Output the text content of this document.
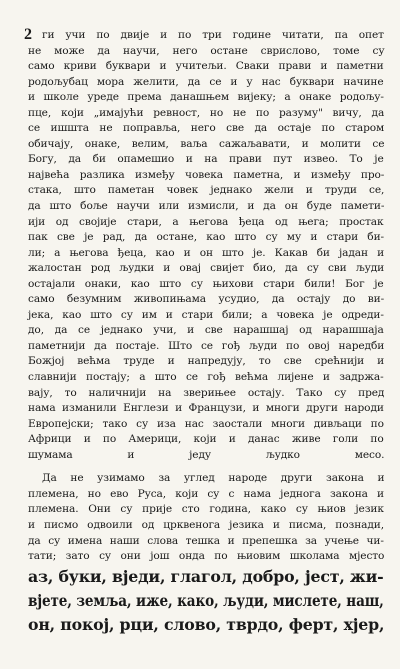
2 ги учи по двије и по три године читати, па опет
не може да научи, него остане сврислово, томе су
само криви буквари и учитељи. Сваки прави и паметни
родољубац мора желити, да се и у нас буквари начине
и школе уреде према данашњем вијеку; а онаке родољу-
пце, који „имајући ревност, но не по разуму" вичу, да
се ишшта не поправља, него све да остаје по старом
обичају, онаке, велим, ваља сажаљавати, и молити се
Богу, да би опамешио и на прави пут извео. То је
највећа разлика између човека паметна, и између про-
стака, што паметан човек једнако жели и труди се,
да што боље научи или измисли, и да он буде памети-
ији од својије стари, а његова ђеца од њега; простак
пак све је рад, да остане, као што су му и стари би-
ли; а његова ђеца, као и он што је. Какав би јадан и
жалостан род људки и овај свијет био, да су сви људи
остајали онаки, као што су њихови стари били! Бог је
само безумним живопињама усудио, да остају до ви-
јека, као што су им и стари били; а човека је одреди-
до, да се једнако учи, и све нарашшај од нарашшаја
паметнији да постаје. Што се гођ људи по овој наредби
Божјој већма труде и напредују, то све срећнији и
славнији постају; а што се гођ већма лијене и задржа-
вају, то наличнији на зверињее остају. Тако су пред
нама изманили Енглези и Французи, и многи други народи
Европејски; тако су иза нас заостали многи дивљаци по
Африци и по Америци, који и данас живе голи по
шумама и једу људко месо.
Да не узимамо за углед народе други закона и
племена, но ево Руса, који су с нама једнога закона и
племена. Они су прије сто година, како су њиов језик
и писмо одвоили од црквенога језика и писма, познади,
да су имена наши слова тешка и препешка за учење чи-
тати; зато су они још онда по њиовим школама мјесто
аз, буки, вједи, глагол, добро, јест, жи-
вјете, земља, иже, како, људи, мислете, наш,
он, покој, рци, слово, тврдо, ферт, хјер,
